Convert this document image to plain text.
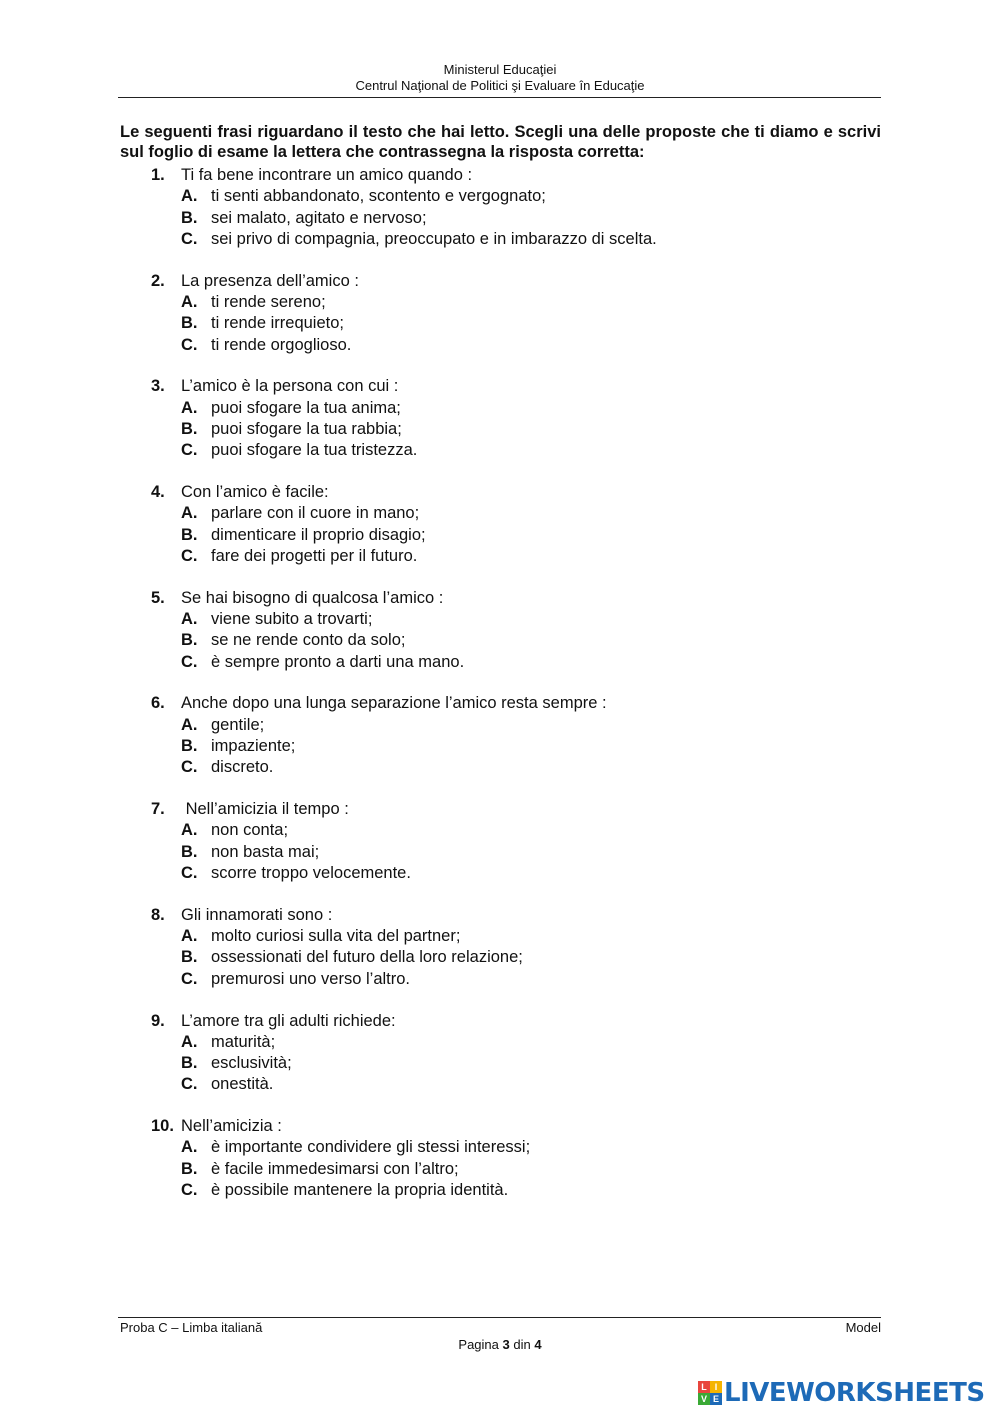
Ministerul Educaţiei
Centrul Naţional de Politici şi Evaluare în Educaţie
Le seguenti frasi riguardano il testo che hai letto. Scegli una delle proposte che ti diamo e scrivi sul foglio di esame la lettera che contrassegna la risposta corretta:
1. Ti fa bene incontrare un amico quando :
A. ti senti abbandonato, scontento e vergognato;
B. sei malato, agitato e nervoso;
C. sei privo di compagnia, preoccupato e in imbarazzo di scelta.
2. La presenza dell’amico :
A. ti rende sereno;
B. ti rende irrequieto;
C. ti rende orgoglioso.
3. L’amico è la persona con cui :
A. puoi sfogare la tua anima;
B. puoi sfogare la tua rabbia;
C. puoi sfogare la tua tristezza.
4. Con l’amico è facile:
A. parlare con il cuore in mano;
B. dimenticare il proprio disagio;
C. fare dei progetti per il futuro.
5. Se hai bisogno di qualcosa l’amico :
A. viene subito a trovarti;
B. se ne rende conto da solo;
C. è sempre pronto a darti una mano.
6. Anche dopo una lunga separazione l’amico resta sempre :
A. gentile;
B. impaziente;
C. discreto.
7. Nell’amicizia il tempo :
A. non conta;
B. non basta mai;
C. scorre troppo velocemente.
8. Gli innamorati sono :
A. molto curiosi sulla vita del partner;
B. ossessionati del futuro della loro relazione;
C. premurosi uno verso l’altro.
9. L’amore tra gli adulti richiede:
A. maturità;
B. esclusività;
C. onestità.
10. Nell’amicizia :
A. è importante condividere gli stessi interessi;
B. è facile immedesimarsi con l’altro;
C. è possibile mantenere la propria identità.
Proba C – Limba italiană	Model
Pagina 3 din 4
L I
V E LIVEWORKSHEETS
